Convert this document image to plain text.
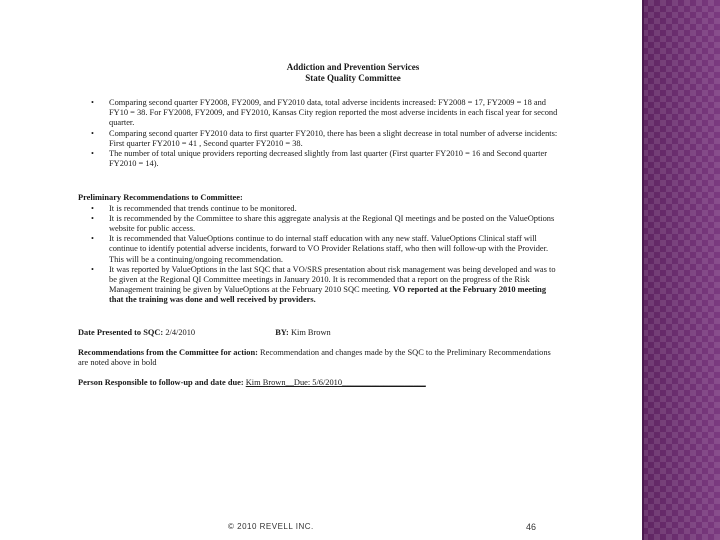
Addiction and Prevention Services
State Quality Committee
• Comparing second quarter FY2008, FY2009, and FY2010 data, total adverse incidents increased: FY2008 = 17, FY2009 = 18 and FY10 = 38. For FY2008, FY2009, and FY2010, Kansas City region reported the most adverse incidents in each fiscal year for second quarter.
• Comparing second quarter FY2010 data to first quarter FY2010, there has been a slight decrease in total number of adverse incidents: First quarter FY2010 = 41 , Second quarter FY2010 = 38.
• The number of total unique providers reporting decreased slightly from last quarter (First quarter FY2010 = 16 and Second quarter FY2010 = 14).
Preliminary Recommendations to Committee:
• It is recommended that trends continue to be monitored.
• It is recommended by the Committee to share this aggregate analysis at the Regional QI meetings and be posted on the ValueOptions website for public access.
• It is recommended that ValueOptions continue to do internal staff education with any new staff. ValueOptions Clinical staff will continue to identify potential adverse incidents, forward to VO Provider Relations staff, who then will follow-up with the Provider. This will be a continuing/ongoing recommendation.
• It was reported by ValueOptions in the last SQC that a VO/SRS presentation about risk management was being developed and was to be given at the Regional QI Committee meetings in January 2010. It is recommended that a report on the progress of the Risk Management training be given by ValueOptions at the February 2010 SQC meeting. VO reported at the February 2010 meeting that the training was done and well received by providers.
Date Presented to SQC: 2/4/2010	BY: Kim Brown
Recommendations from the Committee for action: Recommendation and changes made by the SQC to the Preliminary Recommendations are noted above in bold
Person Responsible to follow-up and date due: Kim Brown__Due: 5/6/2010____________________
© 2010 REVELL INC.	46
